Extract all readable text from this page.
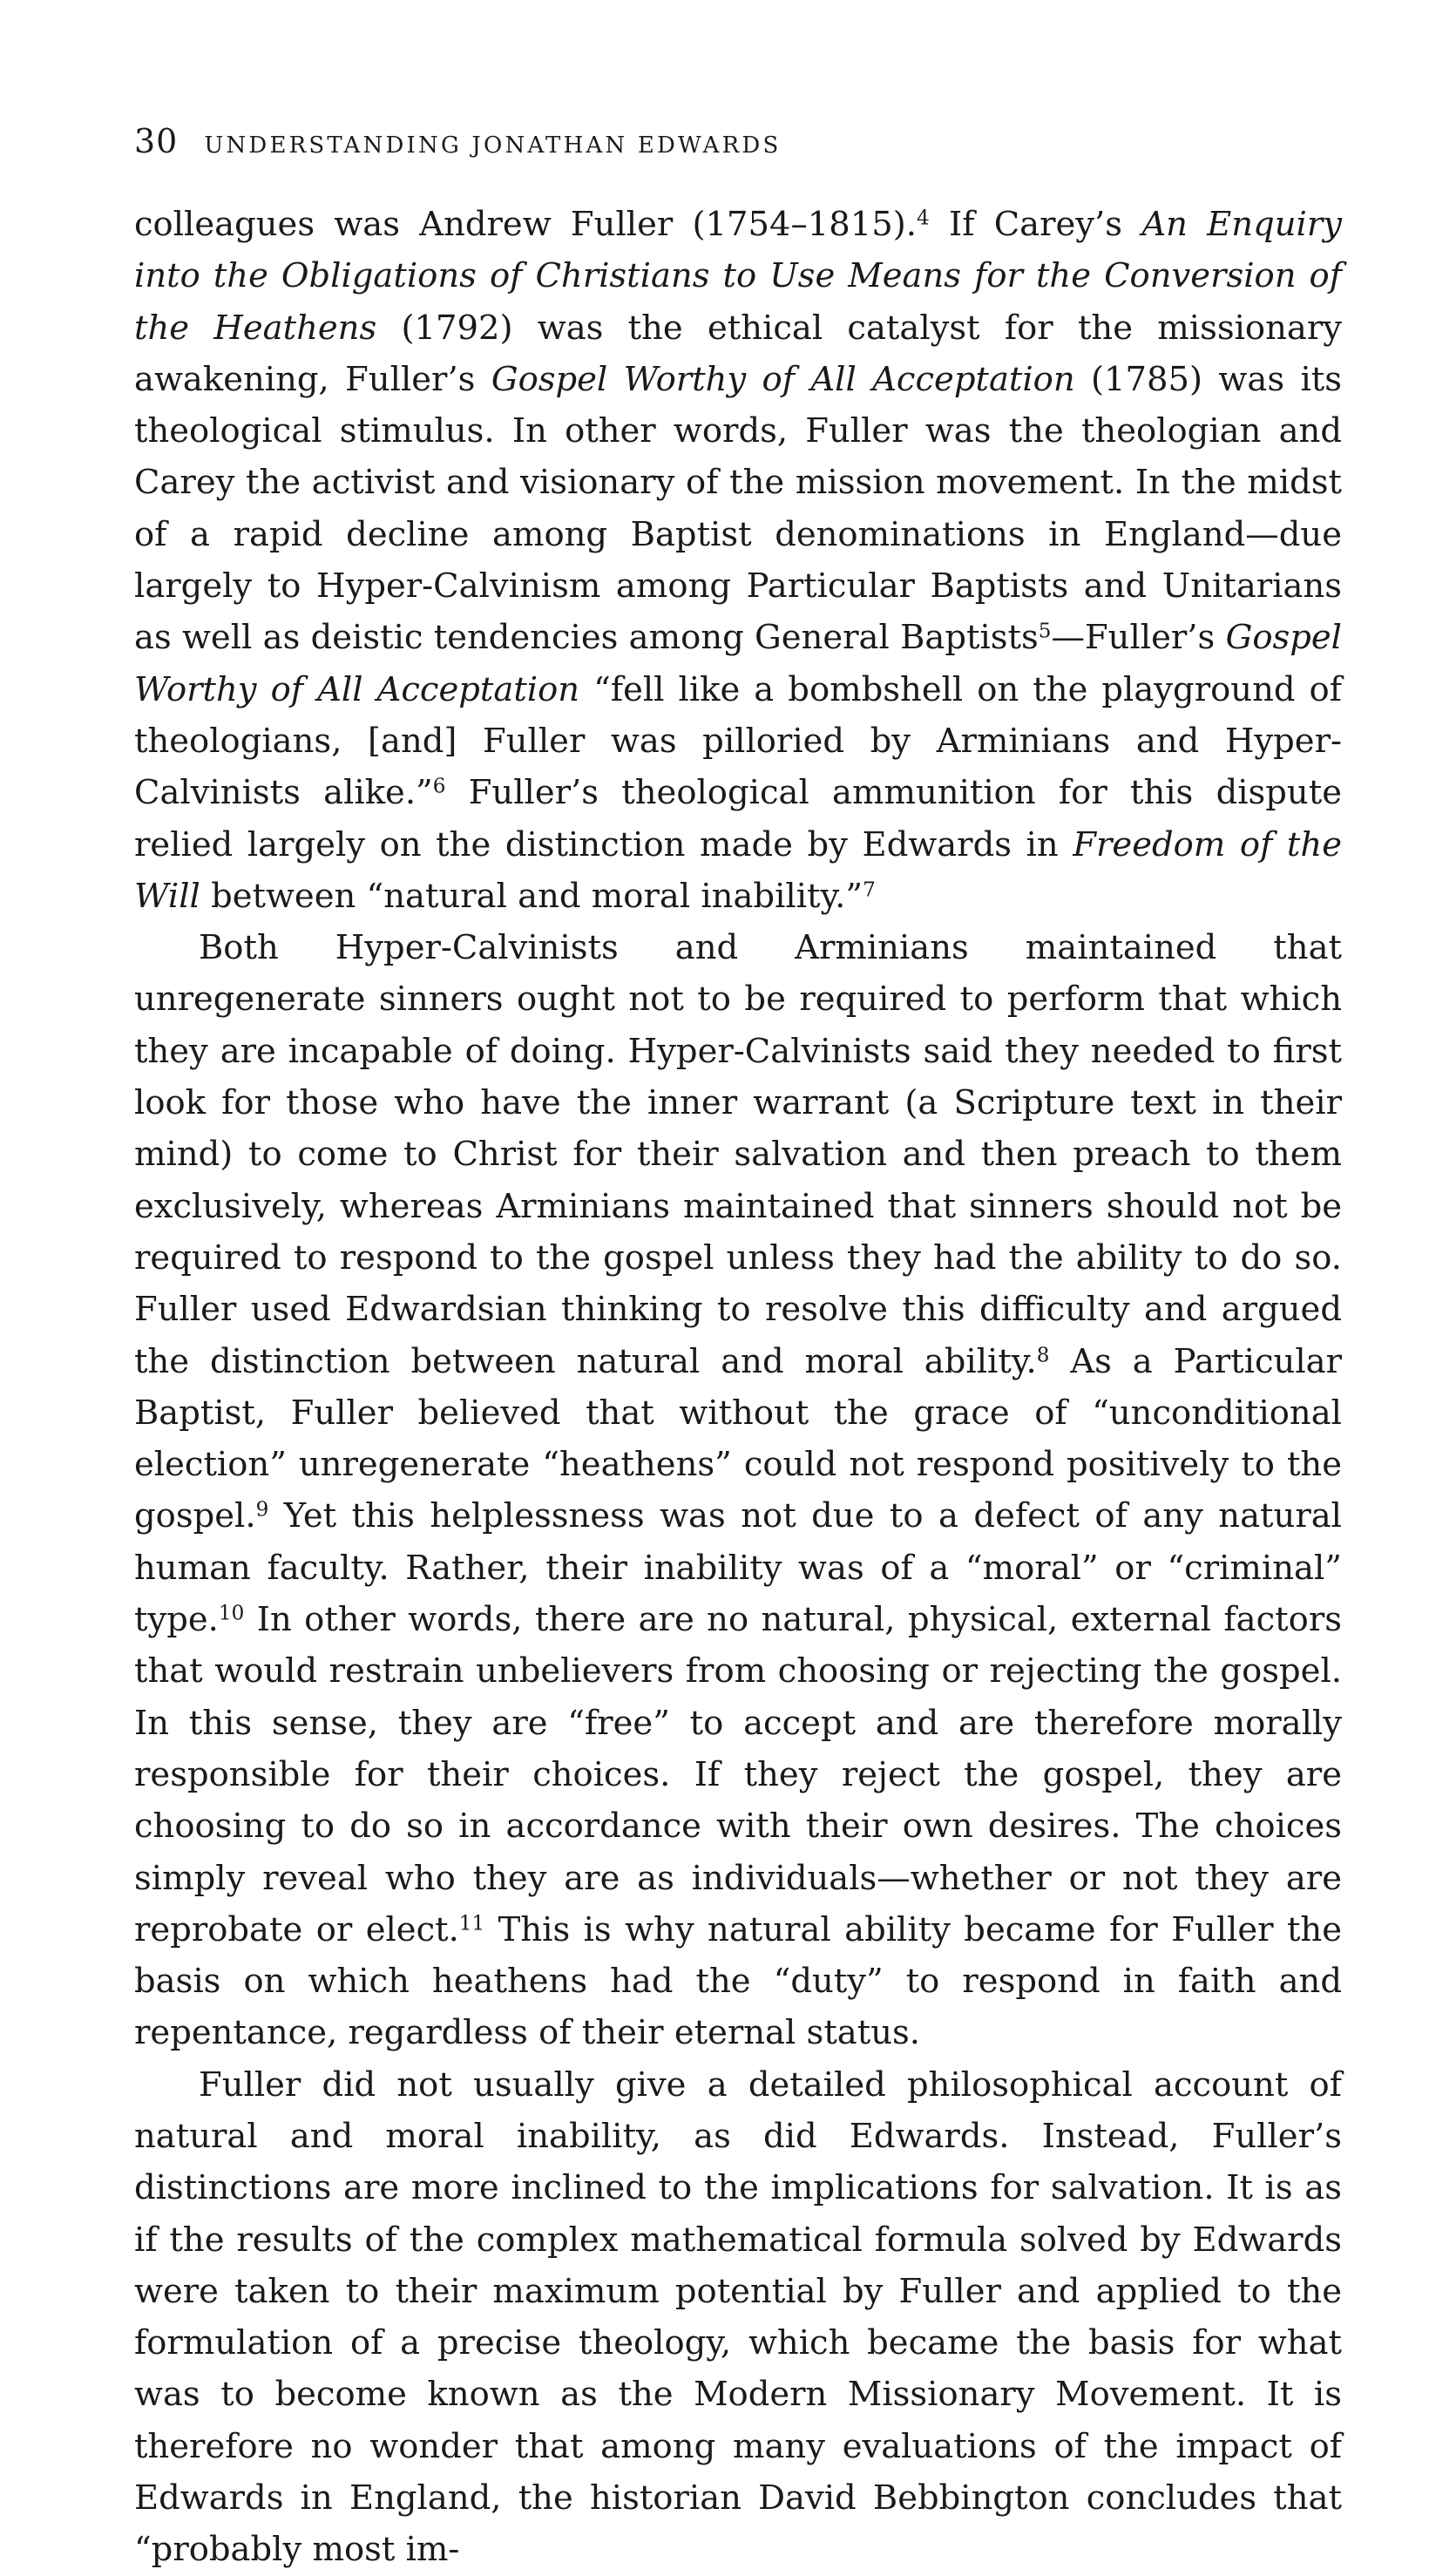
30 UNDERSTANDING JONATHAN EDWARDS

colleagues was Andrew Fuller (1754–1815).$^4$ If Carey’s An Enquiry into the Obligations of Christians to Use Means for the Conversion of the Heathens (1792) was the ethical catalyst for the missionary awakening, Fuller’s Gospel Worthy of All Acceptation (1785) was its theological stimulus. In other words, Fuller was the theologian and Carey the activist and visionary of the mission movement. In the midst of a rapid decline among Baptist denominations in England—due largely to Hyper-Calvinism among Particular Baptists and Unitarians as well as deistic tendencies among General Baptists$^5$—Fuller’s Gospel Worthy of All Acceptation “fell like a bombshell on the playground of theologians, [and] Fuller was pilloried by Arminians and Hyper-Calvinists alike.”$^6$ Fuller’s theological ammunition for this dispute relied largely on the distinction made by Edwards in Freedom of the Will between “natural and moral inability.”$^7$

Both Hyper-Calvinists and Arminians maintained that unregenerate sinners ought not to be required to perform that which they are incapable of doing. Hyper-Calvinists said they needed to first look for those who have the inner warrant (a Scripture text in their mind) to come to Christ for their salvation and then preach to them exclusively, whereas Arminians maintained that sinners should not be required to respond to the gospel unless they had the ability to do so. Fuller used Edwardsian thinking to resolve this difficulty and argued the distinction between natural and moral ability.$^8$ As a Particular Baptist, Fuller believed that without the grace of “unconditional election” unregenerate “heathens” could not respond positively to the gospel.$^9$ Yet this helplessness was not due to a defect of any natural human faculty. Rather, their inability was of a “moral” or “criminal” type.$^{10}$ In other words, there are no natural, physical, external factors that would restrain unbelievers from choosing or rejecting the gospel. In this sense, they are “free” to accept and are therefore morally responsible for their choices. If they reject the gospel, they are choosing to do so in accordance with their own desires. The choices simply reveal who they are as individuals—whether or not they are reprobate or elect.$^{11}$ This is why natural ability became for Fuller the basis on which heathens had the “duty” to respond in faith and repentance, regardless of their eternal status.

Fuller did not usually give a detailed philosophical account of natural and moral inability, as did Edwards. Instead, Fuller’s distinctions are more inclined to the implications for salvation. It is as if the results of the complex mathematical formula solved by Edwards were taken to their maximum potential by Fuller and applied to the formulation of a precise theology, which became the basis for what was to become known as the Modern Missionary Movement. It is therefore no wonder that among many evaluations of the impact of Edwards in England, the historian David Bebbington concludes that “probably most im-
